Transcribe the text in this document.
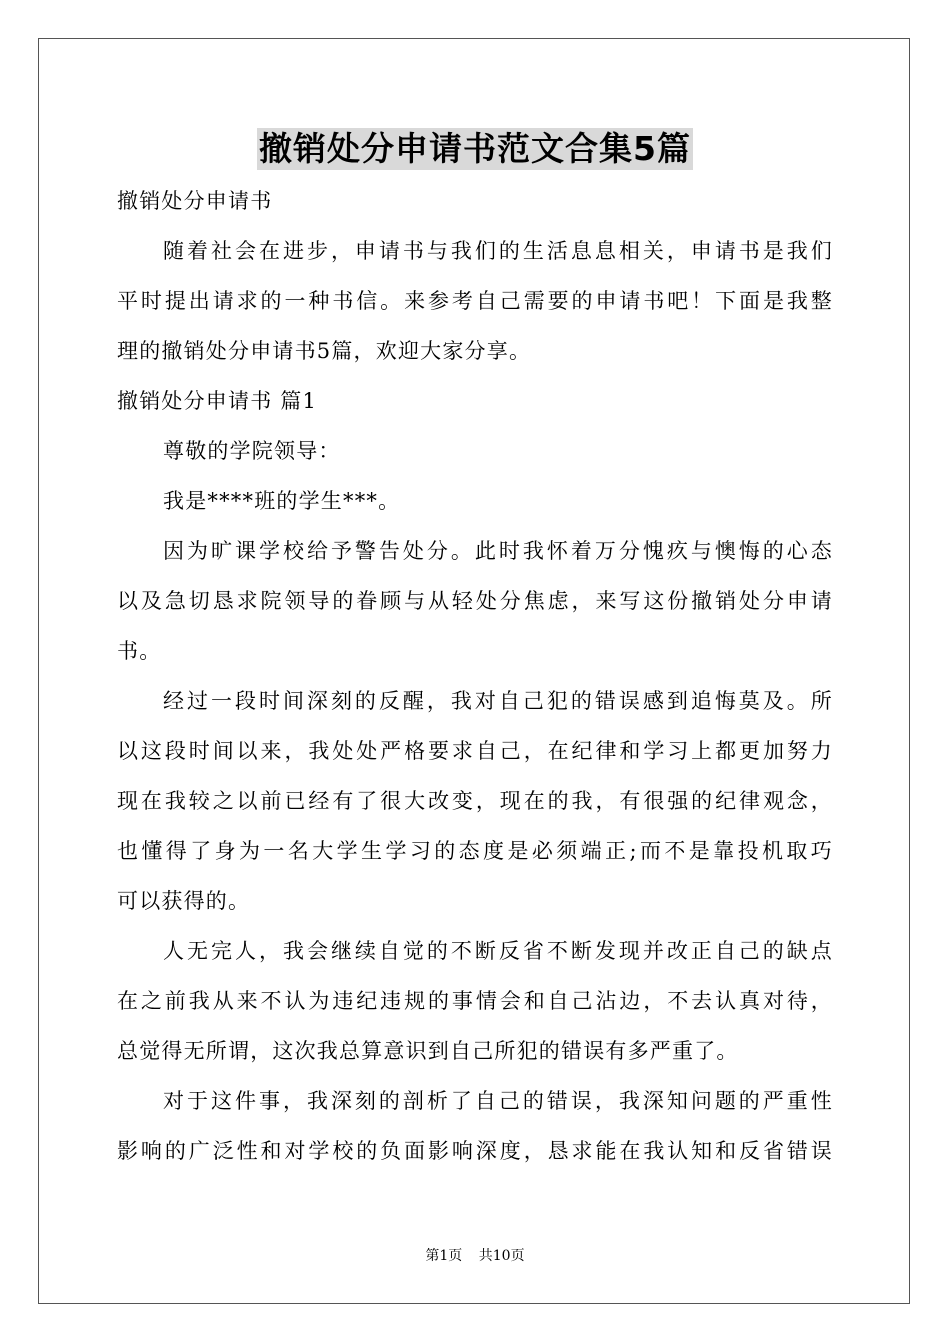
撤销处分申请书范文合集5篇
撤销处分申请书
随着社会在进步，申请书与我们的生活息息相关，申请书是我们
平时提出请求的一种书信。来参考自己需要的申请书吧！下面是我整
理的撤销处分申请书5篇，欢迎大家分享。
撤销处分申请书 篇1
尊敬的学院领导：
我是****班的学生***。
因为旷课学校给予警告处分。此时我怀着万分愧疚与懊悔的心态
以及急切恳求院领导的眷顾与从轻处分焦虑，来写这份撤销处分申请
书。
经过一段时间深刻的反醒，我对自己犯的错误感到追悔莫及。所
以这段时间以来，我处处严格要求自己，在纪律和学习上都更加努力
现在我较之以前已经有了很大改变，现在的我，有很强的纪律观念，
也懂得了身为一名大学生学习的态度是必须端正;而不是靠投机取巧
可以获得的。
人无完人，我会继续自觉的不断反省不断发现并改正自己的缺点
在之前我从来不认为违纪违规的事情会和自己沾边，不去认真对待，
总觉得无所谓，这次我总算意识到自己所犯的错误有多严重了。
对于这件事，我深刻的剖析了自己的错误，我深知问题的严重性
影响的广泛性和对学校的负面影响深度，恳求能在我认知和反省错误
第1页 共10页
